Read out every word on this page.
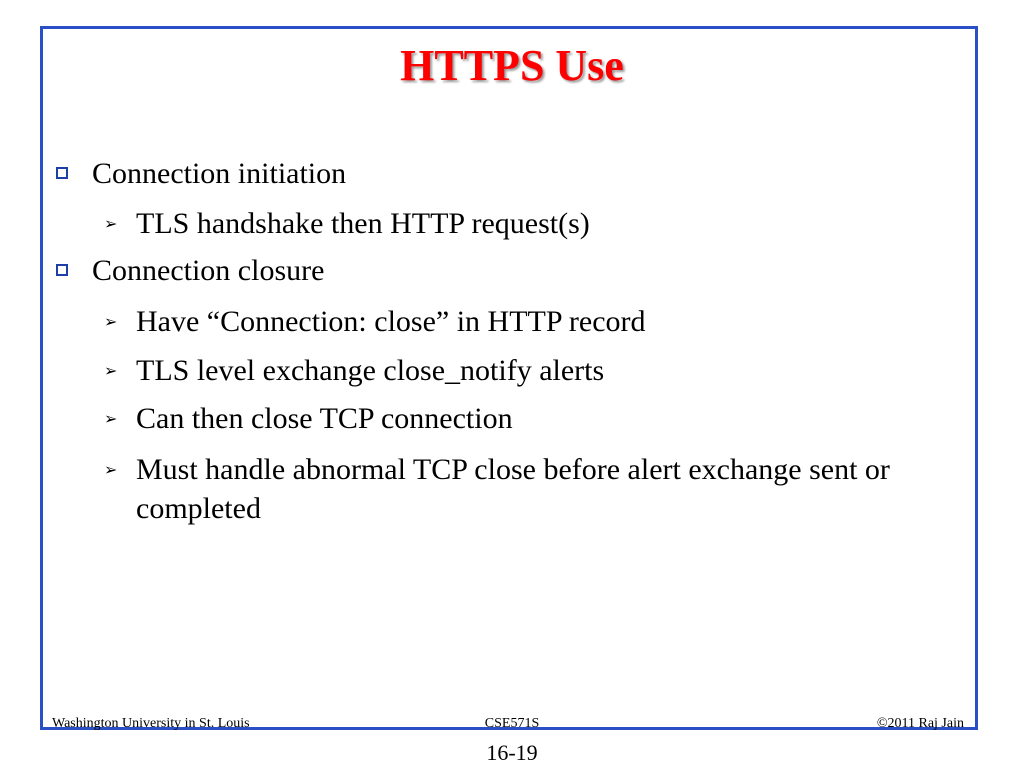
HTTPS Use
Connection initiation
➢ TLS handshake then HTTP request(s)
Connection closure
➢ Have “Connection: close” in HTTP record
➢ TLS level exchange close_notify alerts
➢ Can then close TCP connection
➢ Must handle abnormal TCP close before alert exchange sent or completed
Washington University in St. Louis	CSE571S	©2011 Raj Jain
16-19
